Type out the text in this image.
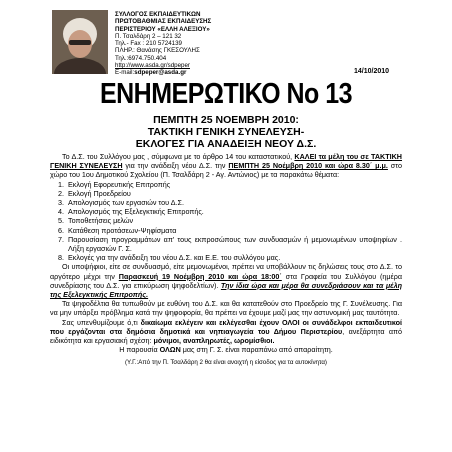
ΣΥΛΛΟΓΟΣ ΕΚΠΑΙΔΕΥΤΙΚΩΝ
ΠΡΩΤΟΒΑΘΜΙΑΣ ΕΚΠΑΙΔΕΥΣΗΣ
ΠΕΡΙΣΤΕΡΙΟΥ «ΕΛΛΗ ΑΛΕΞΙΟΥ»
Π. Τσαλδάρη 2 – 121 32
Τηλ.- Fax : 210 5724139
ΠΛΗΡ.: Θανάσης ΓΚΕΣΟΥΛΗΣ
Τηλ.:6974.750.404
http://www.asda.gr/sdpeper
E-mail:sdpeper@asda.gr	14/10/2010
ΕΝΗΜΕΡΩΤΙΚΟ Νο 13
ΠΕΜΠΤΗ 25 ΝΟΕΜΒΡΗ 2010:
ΤΑΚΤΙΚΗ ΓΕΝΙΚΗ ΣΥΝΕΛΕΥΣΗ-
ΕΚΛΟΓΕΣ ΓΙΑ ΑΝΑΔΕΙΞΗ ΝΕΟΥ Δ.Σ.

Το Δ.Σ. του Συλλόγου μας , σύμφωνα με το άρθρο 14 του καταστατικού, ΚΑΛΕΙ τα μέλη του σε ΤΑΚΤΙΚΗ ΓΕΝΙΚΗ ΣΥΝΕΛΕΥΣΗ για την ανάδειξη νέου Δ.Σ. την ΠΕΜΠΤΗ 25 Νοέμβρη 2010 και ώρα 8.30΄ μ.μ. στο χώρο του 1ου Δημοτικού Σχολείου (Π. Τσαλδάρη 2 - Αγ. Αντώνιος) με τα παρακάτω θέματα:

1. Εκλογή Εφορευτικής Επιτροπής
2. Εκλογή Προεδρείου
3. Απολογισμός των εργασιών του Δ.Σ.
4. Απολογισμός της Εξελεγκτικής Επιτροπής.
5. Τοποθετήσεις μελών
6. Κατάθεση προτάσεων-Ψηφίσματα
7. Παρουσίαση προγραμμάτων απ' τους εκπροσώπους των συνδυασμών ή μεμονωμένων υποψηφίων . Λήξη εργασιών Γ. Σ.
8. Εκλογές για την ανάδειξη του νέου Δ.Σ. και Ε.Ε. του συλλόγου μας.

Οι υποψήφιοι, είτε σε συνδυασμό, είτε μεμονωμένοι, πρέπει να υποβάλλουν τις δηλώσεις τους στο Δ.Σ. το αργότερο μέχρι την Παρασκευή 19 Νοέμβρη 2010 και ώρα 18:00΄ στα Γραφεία του Συλλόγου (ημέρα συνεδρίασης του Δ.Σ. για επικύρωση ψηφοδελτίων). Την ίδια ώρα και μέρα θα συνεδριάσουν και τα μέλη της Εξελεγκτικής Επιτροπής.

Τα ψηφοδέλτια θα τυπωθούν με ευθύνη του Δ.Σ. και θα κατατεθούν στο Προεδρείο της Γ. Συνέλευσης. Για να μην υπάρξει πρόβλημα κατά την ψηφοφορία, θα πρέπει να έχουμε μαζί μας την αστυνομική μας ταυτότητα.

Σας υπενθυμίζουμε ό,τι δικαίωμα εκλέγειν και εκλέγεσθαι έχουν ΟΛΟΙ οι συνάδελφοι εκπαιδευτικοί που εργάζονται στα δημόσια δημοτικά και νηπιαγωγεία του Δήμου Περιστερίου, ανεξάρτητα από ειδικότητα και εργασιακή σχέση: μόνιμοι, αναπληρωτές, ωρομίσθιοι.

Η παρουσία ΟΛΩΝ μας στη Γ. Σ. είναι παραπάνω από απαραίτητη.

(Υ.Γ.:Από την Π. Τσαλδάρη 2 θα είναι ανοιχτή η είσοδος για τα αυτοκίνητα)
